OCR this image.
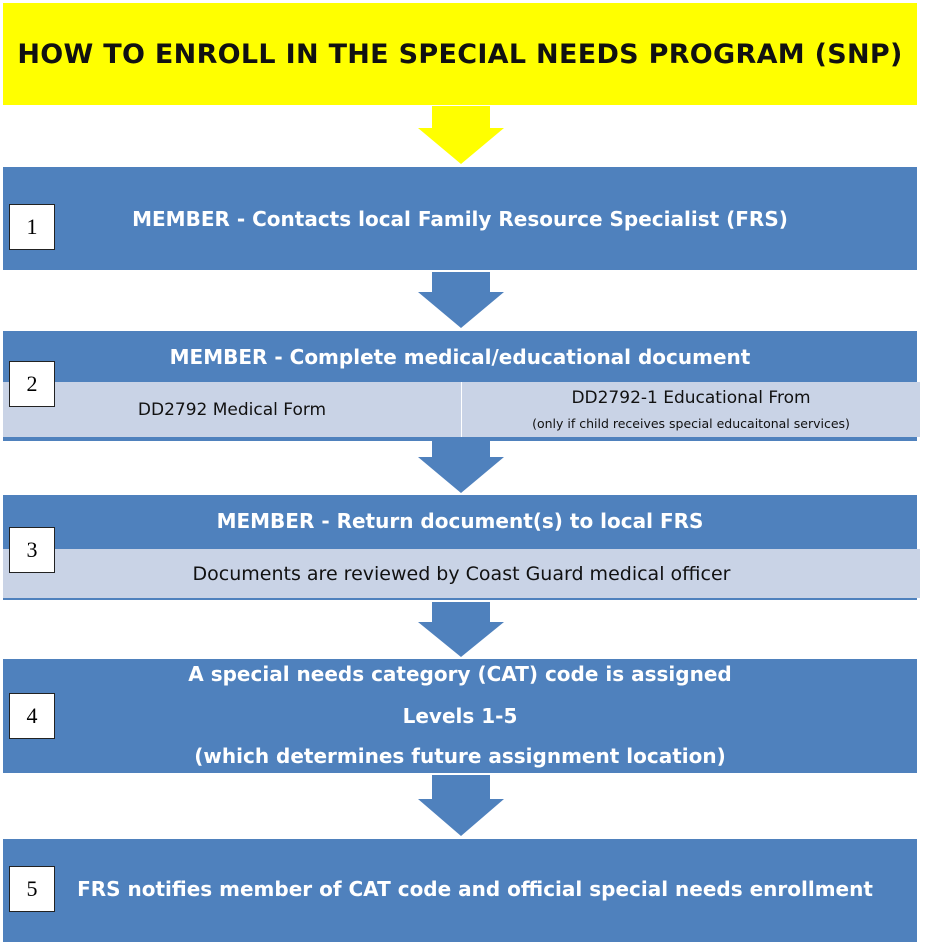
HOW TO ENROLL IN THE SPECIAL NEEDS PROGRAM (SNP)
MEMBER - Contacts local Family Resource Specialist (FRS)
1
MEMBER - Complete medical/educational document
DD2792 Medical Form
DD2792-1 Educational From
(only if child receives special educaitonal services)
2
MEMBER - Return document(s) to local FRS
Documents are reviewed by Coast Guard medical officer
3
A special needs category (CAT) code is assigned
Levels 1-5
(which determines future assignment location)
4
FRS notifies member of CAT code and official special needs enrollment
5
